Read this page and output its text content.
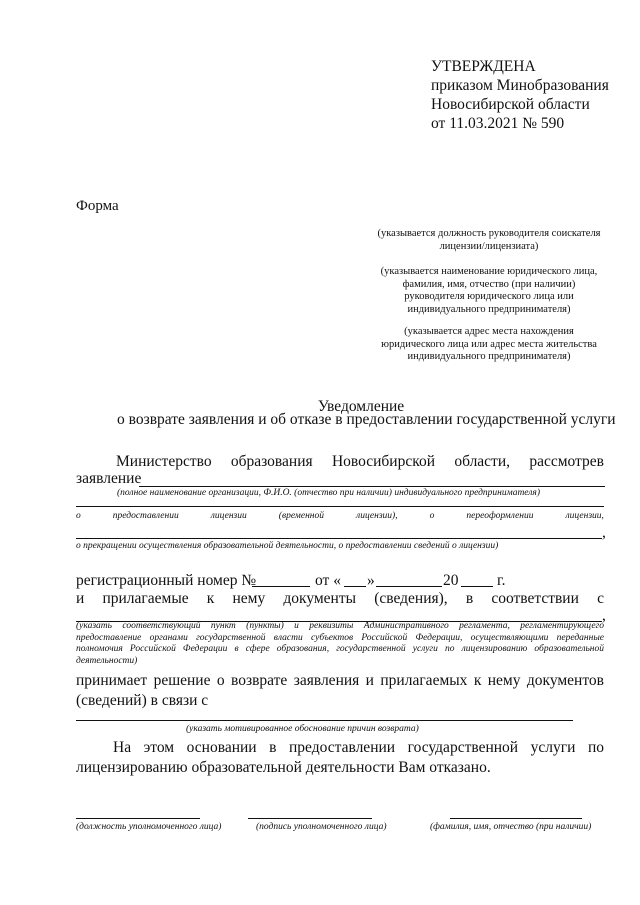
УТВЕРЖДЕНА
приказом Минобразования
Новосибирской области
от 11.03.2021 № 590
Форма
(указывается должность руководителя соискателя лицензии/лицензиата)
(указывается наименование юридического лица, фамилия, имя, отчество (при наличии) руководителя юридического лица или индивидуального предпринимателя)
(указывается адрес места нахождения юридического лица или адрес места жительства индивидуального предпринимателя)
Уведомление
о возврате заявления и об отказе в предоставлении государственной услуги
Министерство образования Новосибирской области, рассмотрев
заявление
(полное наименование организации, Ф.И.О. (отчество при наличии) индивидуального предпринимателя)
о	предоставлении	лицензии	(временной	лицензии),	о	переоформлении	лицензии,
,
о прекращении осуществления образовательной деятельности, о предоставлении сведений о лицензии)
регистрационный номер №	от « »	20 г.
и прилагаемые к нему документы (сведения), в соответствии с
,
(указать соответствующий пункт (пункты) и реквизиты Административного регламента, регламентирующего предоставление органами государственной власти субъектов Российской Федерации, осуществляющими переданные полномочия Российской Федерации в сфере образования, государственной услуги по лицензированию образовательной деятельности)
принимает решение о возврате заявления и прилагаемых к нему документов (сведений) в связи с
(указать мотивированное обоснование причин возврата)
На этом основании в предоставлении государственной услуги по лицензированию образовательной деятельности Вам отказано.
(должность уполномоченного лица)	(подпись уполномоченного лица)	(фамилия, имя, отчество (при наличии)
